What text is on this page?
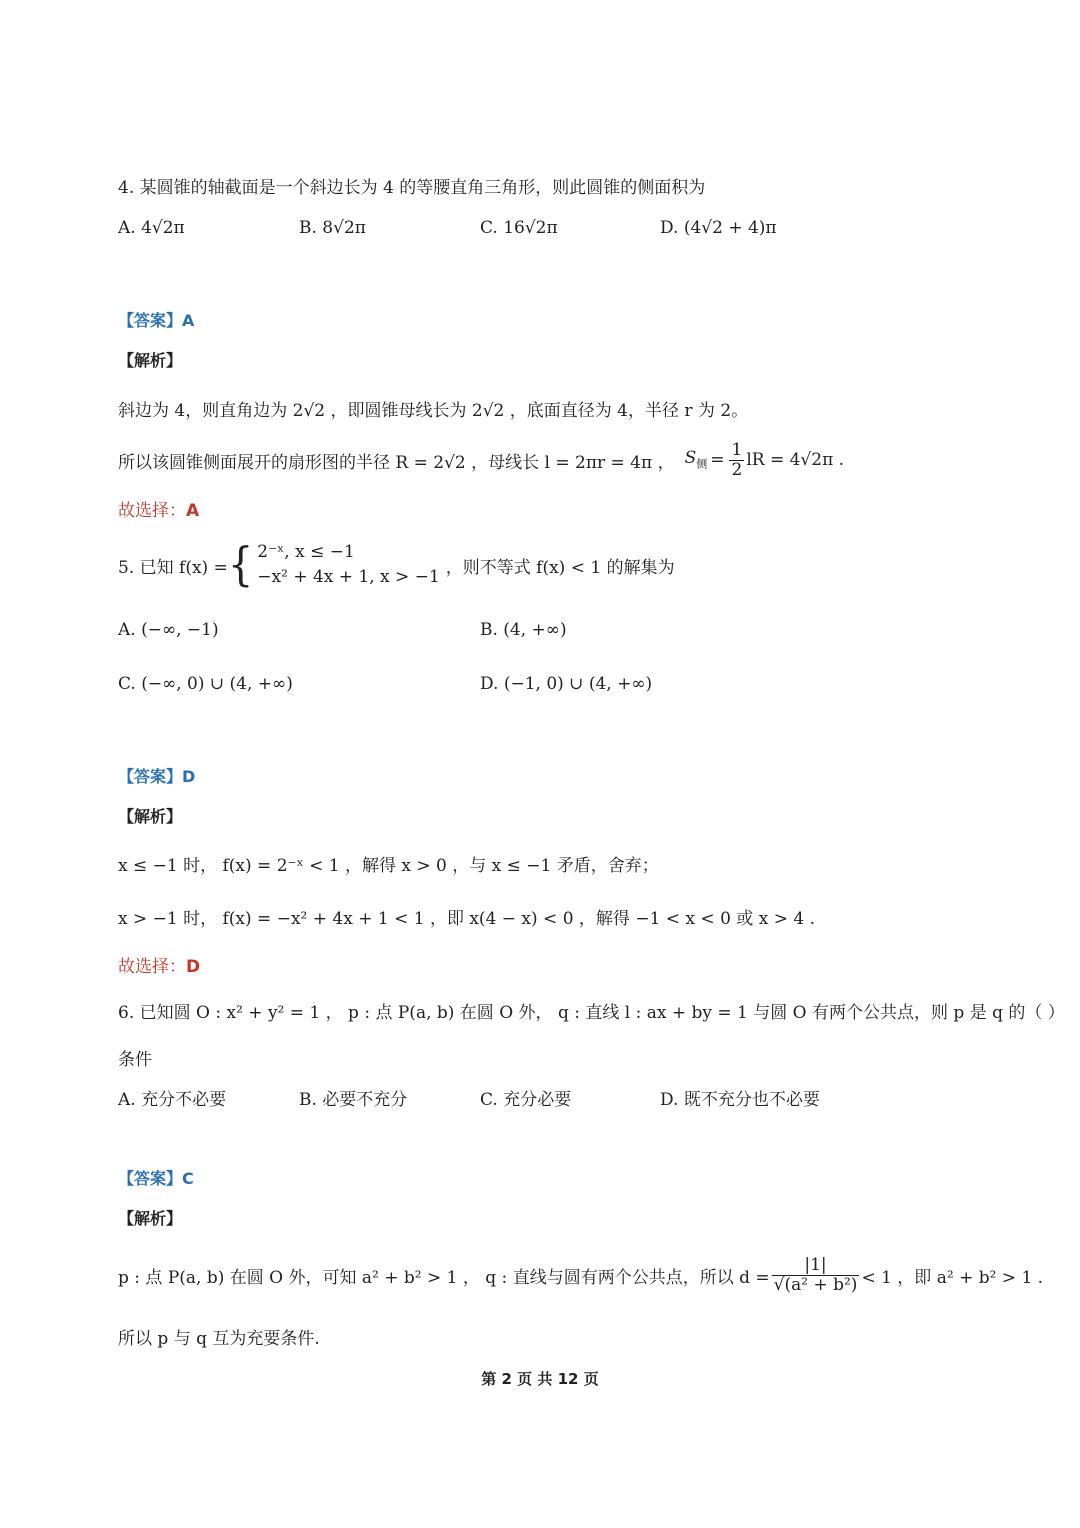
4. 某圆锥的轴截面是一个斜边长为 4 的等腰直角三角形，则此圆锥的侧面积为
A. 4√2π	B. 8√2π	C. 16√2π	D. (4√2 + 4)π
【答案】A
【解析】
斜边为 4，则直角边为 2√2 ，即圆锥母线长为 2√2 ，底面直径为 4，半径 r 为 2。
所以该圆锥侧面展开的扇形图的半径 R = 2√2 ，母线长 l = 2πr = 4π ， $S_侧 = \frac{1}{2}$ lR = 4√2π .
故选择：A
5. 已知 f(x) = { 2⁻ˣ, x ≤ −1
−x² + 4x + 1, x > −1 ，则不等式 f(x) < 1 的解集为
A. (−∞, −1)	B. (4, +∞)
C. (−∞, 0) ∪ (4, +∞)	D. (−1, 0) ∪ (4, +∞)
【答案】D
【解析】
x ≤ −1 时， f(x) = 2⁻ˣ < 1 ，解得 x > 0 ，与 x ≤ −1 矛盾，舍弃；
x > −1 时， f(x) = −x² + 4x + 1 < 1 ，即 x(4 − x) < 0 ，解得 −1 < x < 0 或 x > 4 .
故选择：D
6. 已知圆 O : x² + y² = 1 ， p : 点 P(a, b) 在圆 O 外， q : 直线 l : ax + by = 1 与圆 O 有两个公共点，则 p 是 q 的（ ）
条件
A. 充分不必要	B. 必要不充分	C. 充分必要	D. 既不充分也不必要
【答案】C
【解析】
p : 点 P(a, b) 在圆 O 外，可知 a² + b² > 1 ， q : 直线与圆有两个公共点，所以 $d = \frac{|1|}{\text{√(a² + b²)}} < 1$ ，即 a² + b² > 1 .
所以 p 与 q 互为充要条件.
第 2 页 共 12 页
